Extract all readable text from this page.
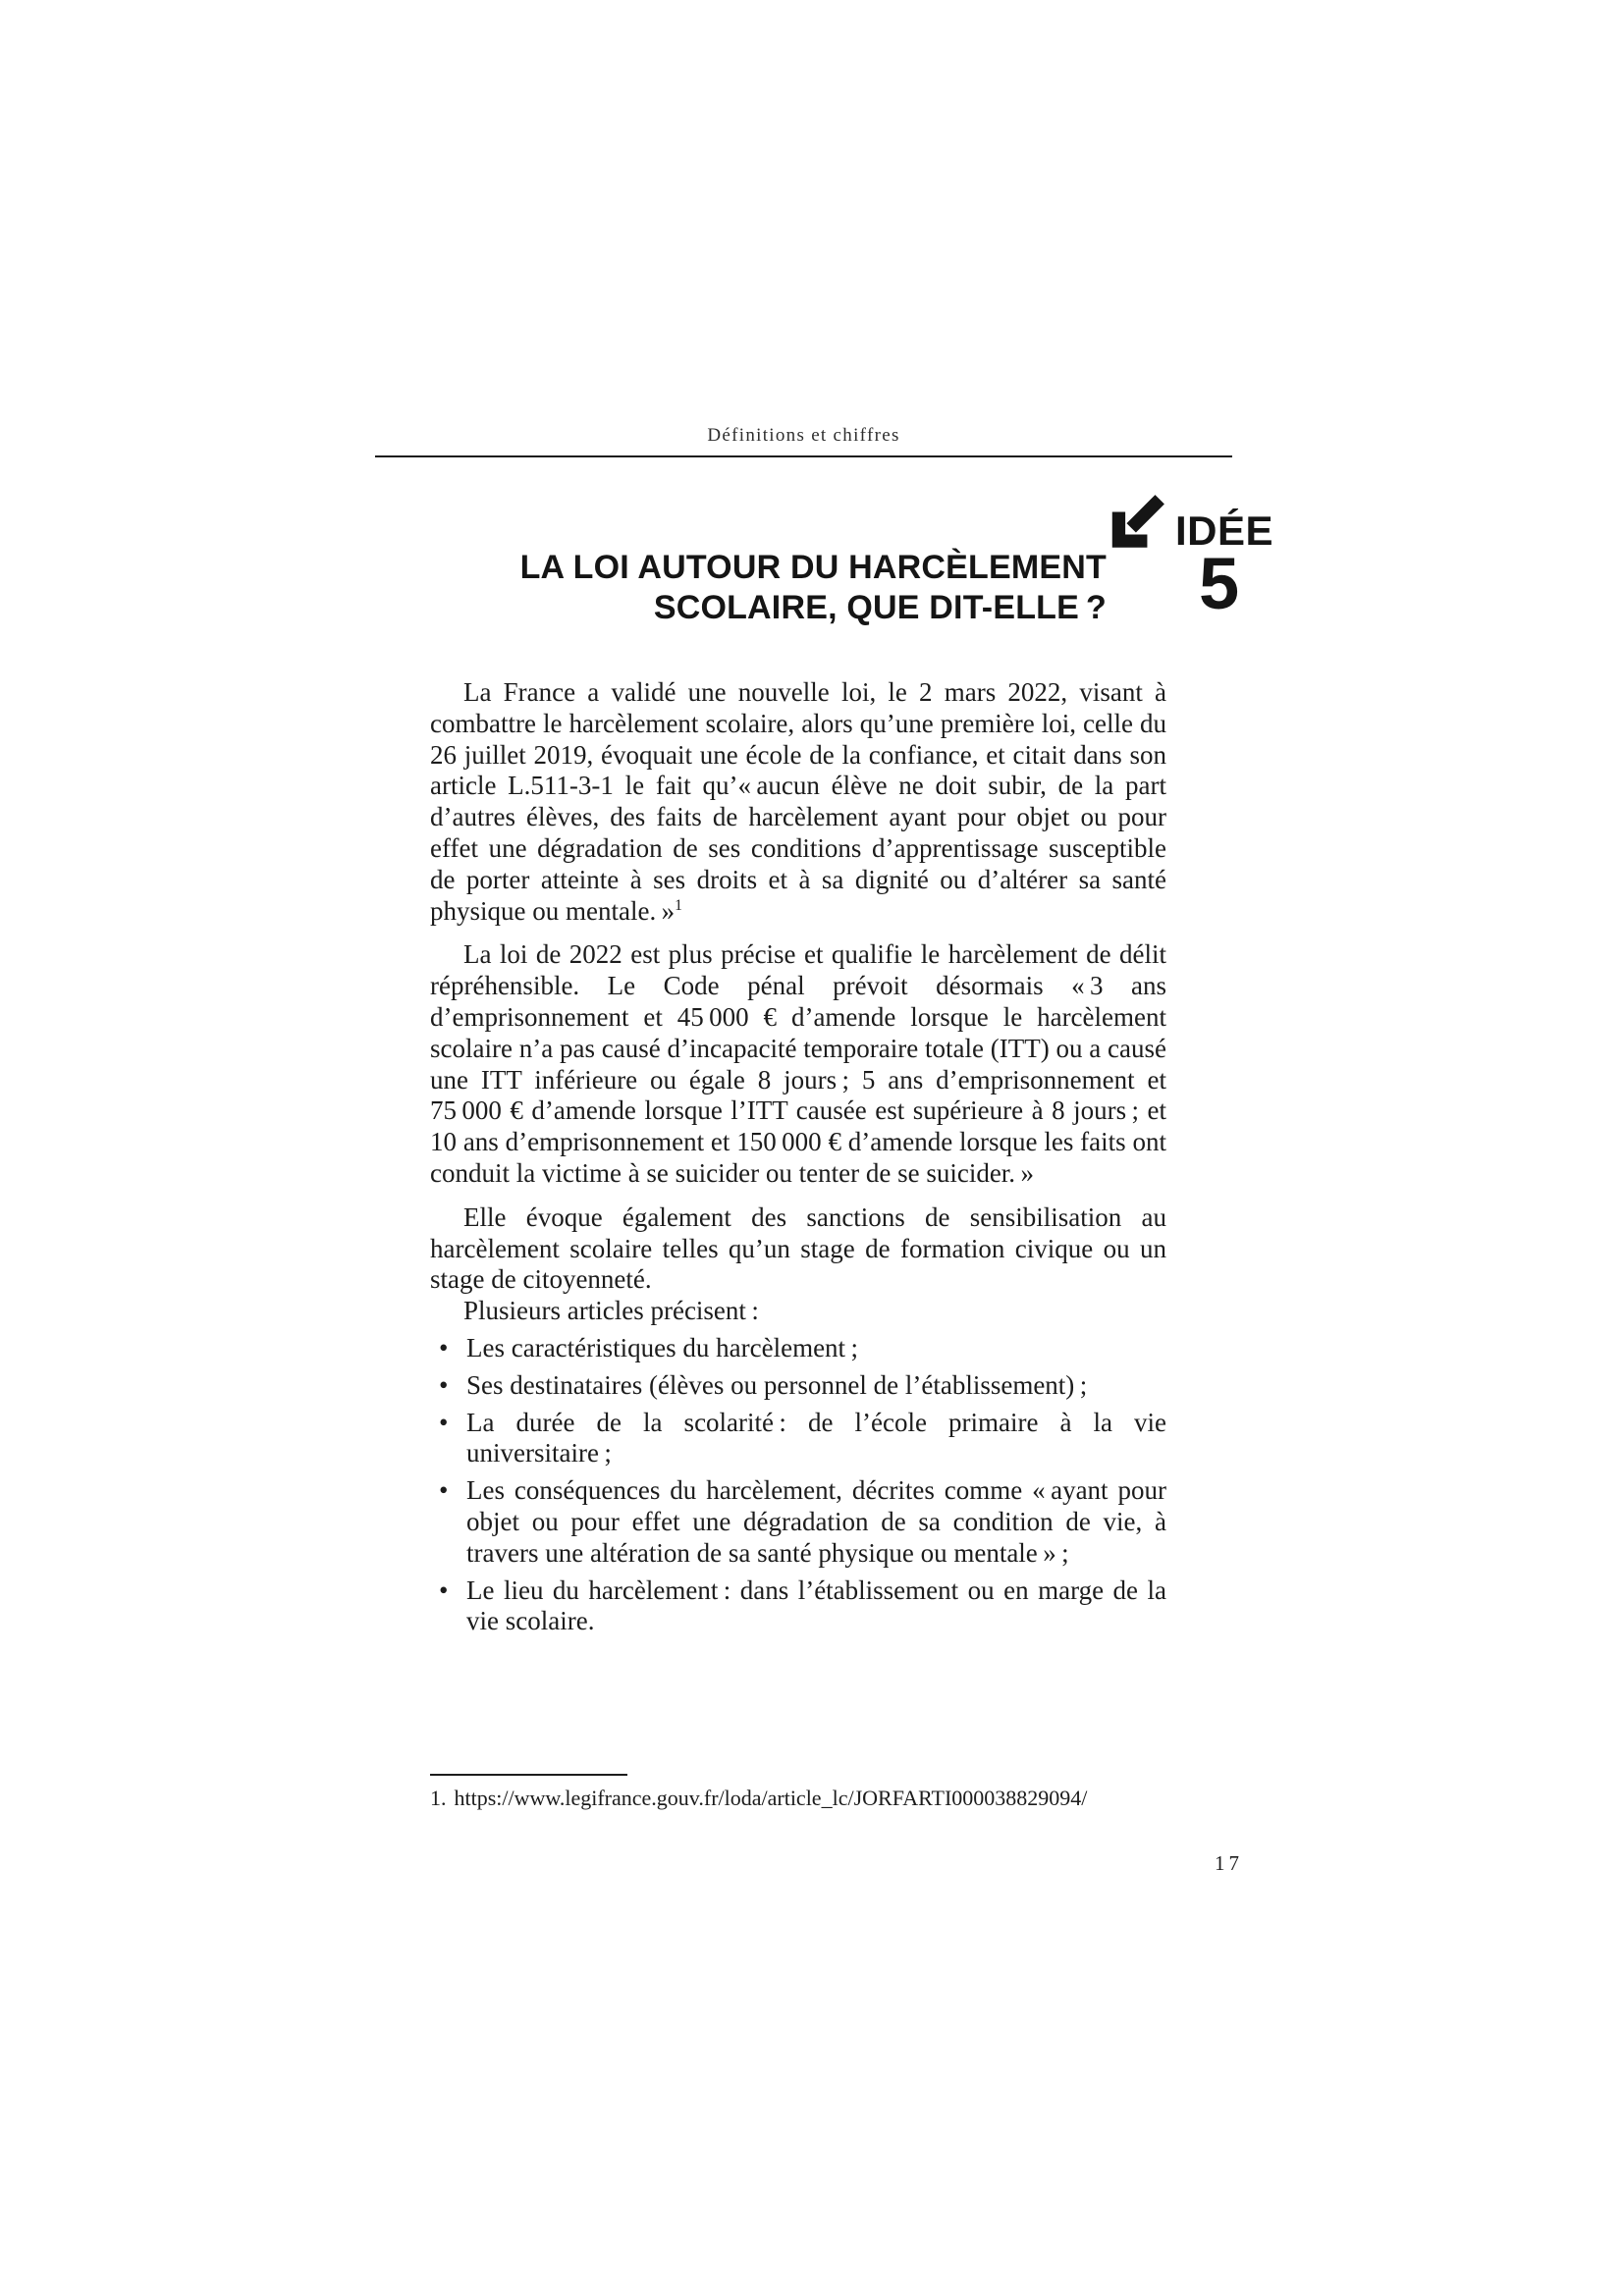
Définitions et chiffres
IDÉE
5
LA LOI AUTOUR DU HARCÈLEMENT
SCOLAIRE, QUE DIT-ELLE ?

La France a validé une nouvelle loi, le 2 mars 2022, visant à combattre le harcèlement scolaire, alors qu’une première loi, celle du 26 juillet 2019, évoquait une école de la confiance, et citait dans son article L.511-3-1 le fait qu’« aucun élève ne doit subir, de la part d’autres élèves, des faits de harcèlement ayant pour objet ou pour effet une dégradation de ses conditions d’apprentissage susceptible de porter atteinte à ses droits et à sa dignité ou d’altérer sa santé physique ou mentale. »$^1$

La loi de 2022 est plus précise et qualifie le harcèlement de délit répréhensible. Le Code pénal prévoit désormais « 3 ans d’emprisonnement et 45 000 € d’amende lorsque le harcèlement scolaire n’a pas causé d’incapacité temporaire totale (ITT) ou a causé une ITT inférieure ou égale 8 jours ; 5 ans d’emprisonnement et 75 000 € d’amende lorsque l’ITT causée est supérieure à 8 jours ; et 10 ans d’emprisonnement et 150 000 € d’amende lorsque les faits ont conduit la victime à se suicider ou tenter de se suicider. »

Elle évoque également des sanctions de sensibilisation au harcèlement scolaire telles qu’un stage de formation civique ou un stage de citoyenneté.

Plusieurs articles précisent :

• Les caractéristiques du harcèlement ;
• Ses destinataires (élèves ou personnel de l’établissement) ;
• La durée de la scolarité : de l’école primaire à la vie universitaire ;
• Les conséquences du harcèlement, décrites comme « ayant pour objet ou pour effet une dégradation de sa condition de vie, à travers une altération de sa santé physique ou mentale » ;
• Le lieu du harcèlement : dans l’établissement ou en marge de la vie scolaire.
1. https://www.legifrance.gouv.fr/loda/article_lc/JORFARTI000038829094/
17
